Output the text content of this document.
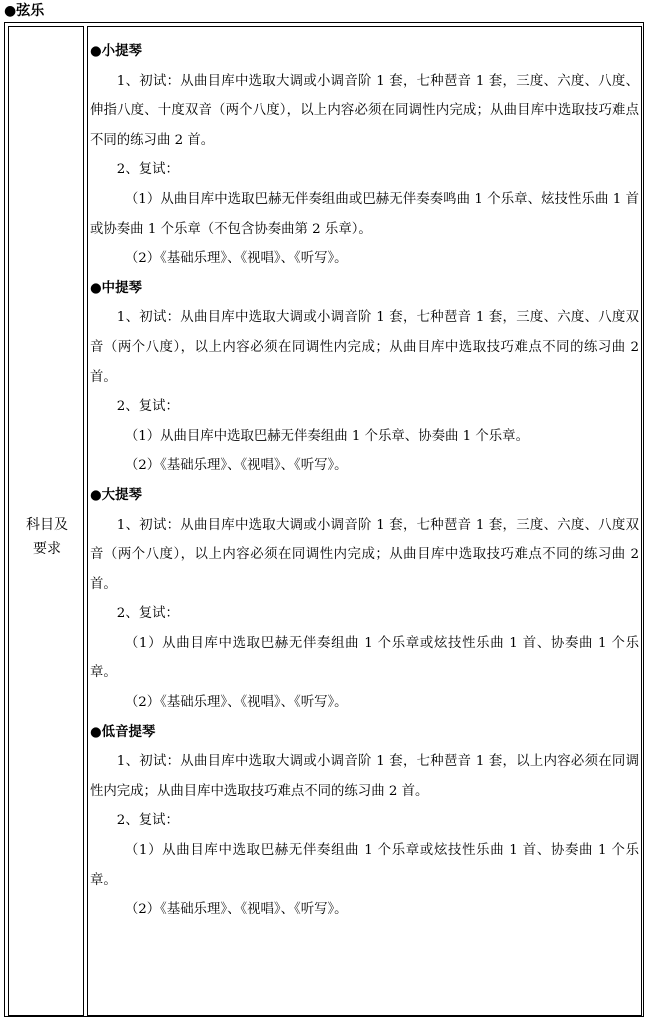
●弦乐
科目及要求

●小提琴

1、初试：从曲目库中选取大调或小调音阶 1 套，七种琶音 1 套，三度、六度、八度、伸指八度、十度双音（两个八度），以上内容必须在同调性内完成；从曲目库中选取技巧难点不同的练习曲 2 首。

2、复试：

（1）从曲目库中选取巴赫无伴奏组曲或巴赫无伴奏奏鸣曲 1 个乐章、炫技性乐曲 1 首或协奏曲 1 个乐章（不包含协奏曲第 2 乐章）。

（2）《基础乐理》、《视唱》、《听写》。

●中提琴

1、初试：从曲目库中选取大调或小调音阶 1 套，七种琶音 1 套，三度、六度、八度双音（两个八度），以上内容必须在同调性内完成；从曲目库中选取技巧难点不同的练习曲 2 首。

2、复试：

（1）从曲目库中选取巴赫无伴奏组曲 1 个乐章、协奏曲 1 个乐章。

（2）《基础乐理》、《视唱》、《听写》。

●大提琴

1、初试：从曲目库中选取大调或小调音阶 1 套，七种琶音 1 套，三度、六度、八度双音（两个八度），以上内容必须在同调性内完成；从曲目库中选取技巧难点不同的练习曲 2 首。

2、复试：

（1）从曲目库中选取巴赫无伴奏组曲 1 个乐章或炫技性乐曲 1 首、协奏曲 1 个乐章。

（2）《基础乐理》、《视唱》、《听写》。

●低音提琴

1、初试：从曲目库中选取大调或小调音阶 1 套，七种琶音 1 套，以上内容必须在同调性内完成；从曲目库中选取技巧难点不同的练习曲 2 首。

2、复试：

（1）从曲目库中选取巴赫无伴奏组曲 1 个乐章或炫技性乐曲 1 首、协奏曲 1 个乐章。

（2）《基础乐理》、《视唱》、《听写》。
